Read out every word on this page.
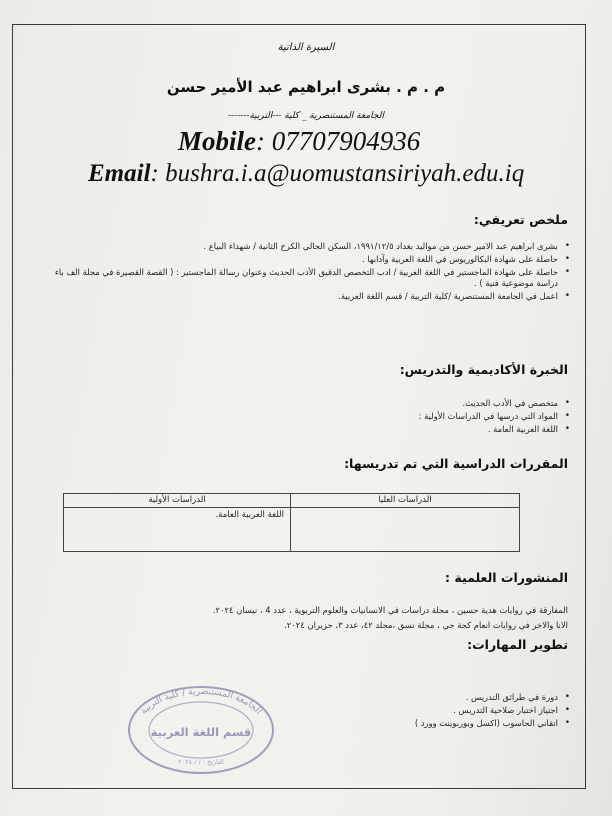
السيرة الذاتية
م . م . بشرى ابراهيم عبد الأمير حسن
الجامعة المستنصرية _ كلية ---التربية-------
Mobile: 07707904936
Email: bushra.i.a@uomustansiriyah.edu.iq
ملخص تعريفي:
• بشرى ابراهيم عبد الامير حسن من مواليد بغداد ١٩٩١/١٢/٥، السكن الحالي الكرخ الثانية / شهداء البياع .
• حاصلة على شهادة البكالوريوس في اللغة العربية وآدابها .
• حاصلة على شهادة الماجستير في اللغة العربية / ادب التخصص الدقيق الأدب الحديث وعنوان رسالة الماجستير : ( القصة القصيرة في مجلة الف باء دراسة موضوعية فنية ) .
• اعمل في الجامعة المستنصرية /كلية التربية / قسم اللغة العربية.
الخبرة الأكاديمية والتدريس:
• متخصص في الأدب الحديث.
• المواد التي درسها في الدراسات الأولية :
• اللغة العربية العامة .
المقررات الدراسية التي تم تدريسها:
الدراسات الأولية	الدراسات العليا
اللغة العربية العامة.
المنشورات العلمية :
المفارقة في روايات هدية حسين ، مجلة دراسات في الانسانيات والعلوم التربوية ، عدد 4 ، نيسان ٢٠٢٤.
الانا والاخر في روايات انعام كجة جي ، مجلة نسق ،مجلد ٤٢، عدد ٣، حزيران ٢٠٢٤.
تطوير المهارات:
• دورة في طرائق التدريس .
• اجتياز اختبار صلاحية التدريس .
• اتقاني الحاسوب (اكسل وبوربوينت وورد )
الجامعة المستنصرية / كلية التربية
قسم اللغة العربية
التاريخ : / / ٢٠٢٤
